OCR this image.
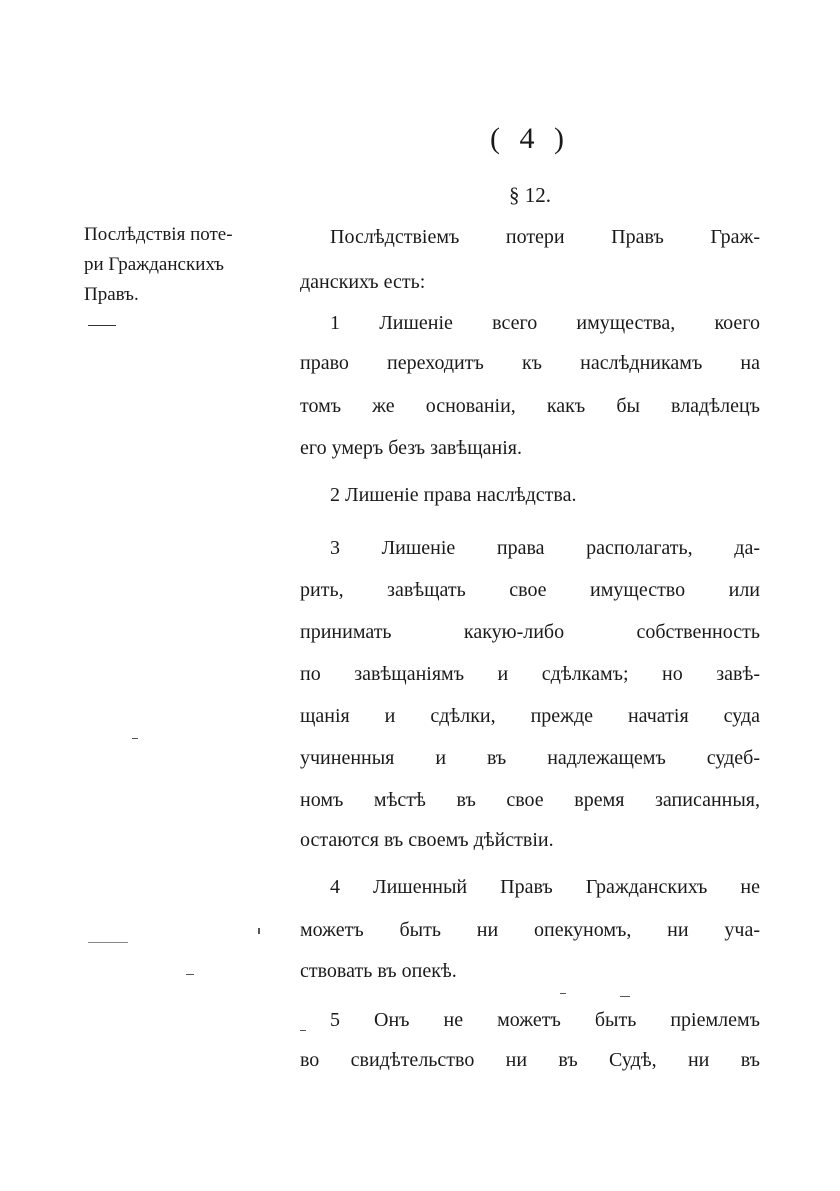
( 4 )
§ 12.
Послѣдствія поте-
ри Гражданскихъ
Правъ.
Послѣдствіемъ потери Правъ Граж-
данскихъ есть:
1 Лишеніе всего имущества, коего
право переходитъ къ наслѣдникамъ на
томъ же основаніи, какъ бы владѣлецъ
его умеръ безъ завѣщанія.
2 Лишеніе права наслѣдства.
3 Лишеніе права располагать, да-
рить, завѣщать свое имущество или
принимать какую-либо собственность
по завѣщаніямъ и сдѣлкамъ; но завѣ-
щанія и сдѣлки, прежде начатія суда
учиненныя и въ надлежащемъ судеб-
номъ мѣстѣ въ свое время записанныя,
остаются въ своемъ дѣйствіи.
4 Лишенный Правъ Гражданскихъ не
можетъ быть ни опекуномъ, ни уча-
ствовать въ опекѣ.
5 Онъ не можетъ быть пріемлемъ
во свидѣтельство ни въ Судѣ, ни въ
